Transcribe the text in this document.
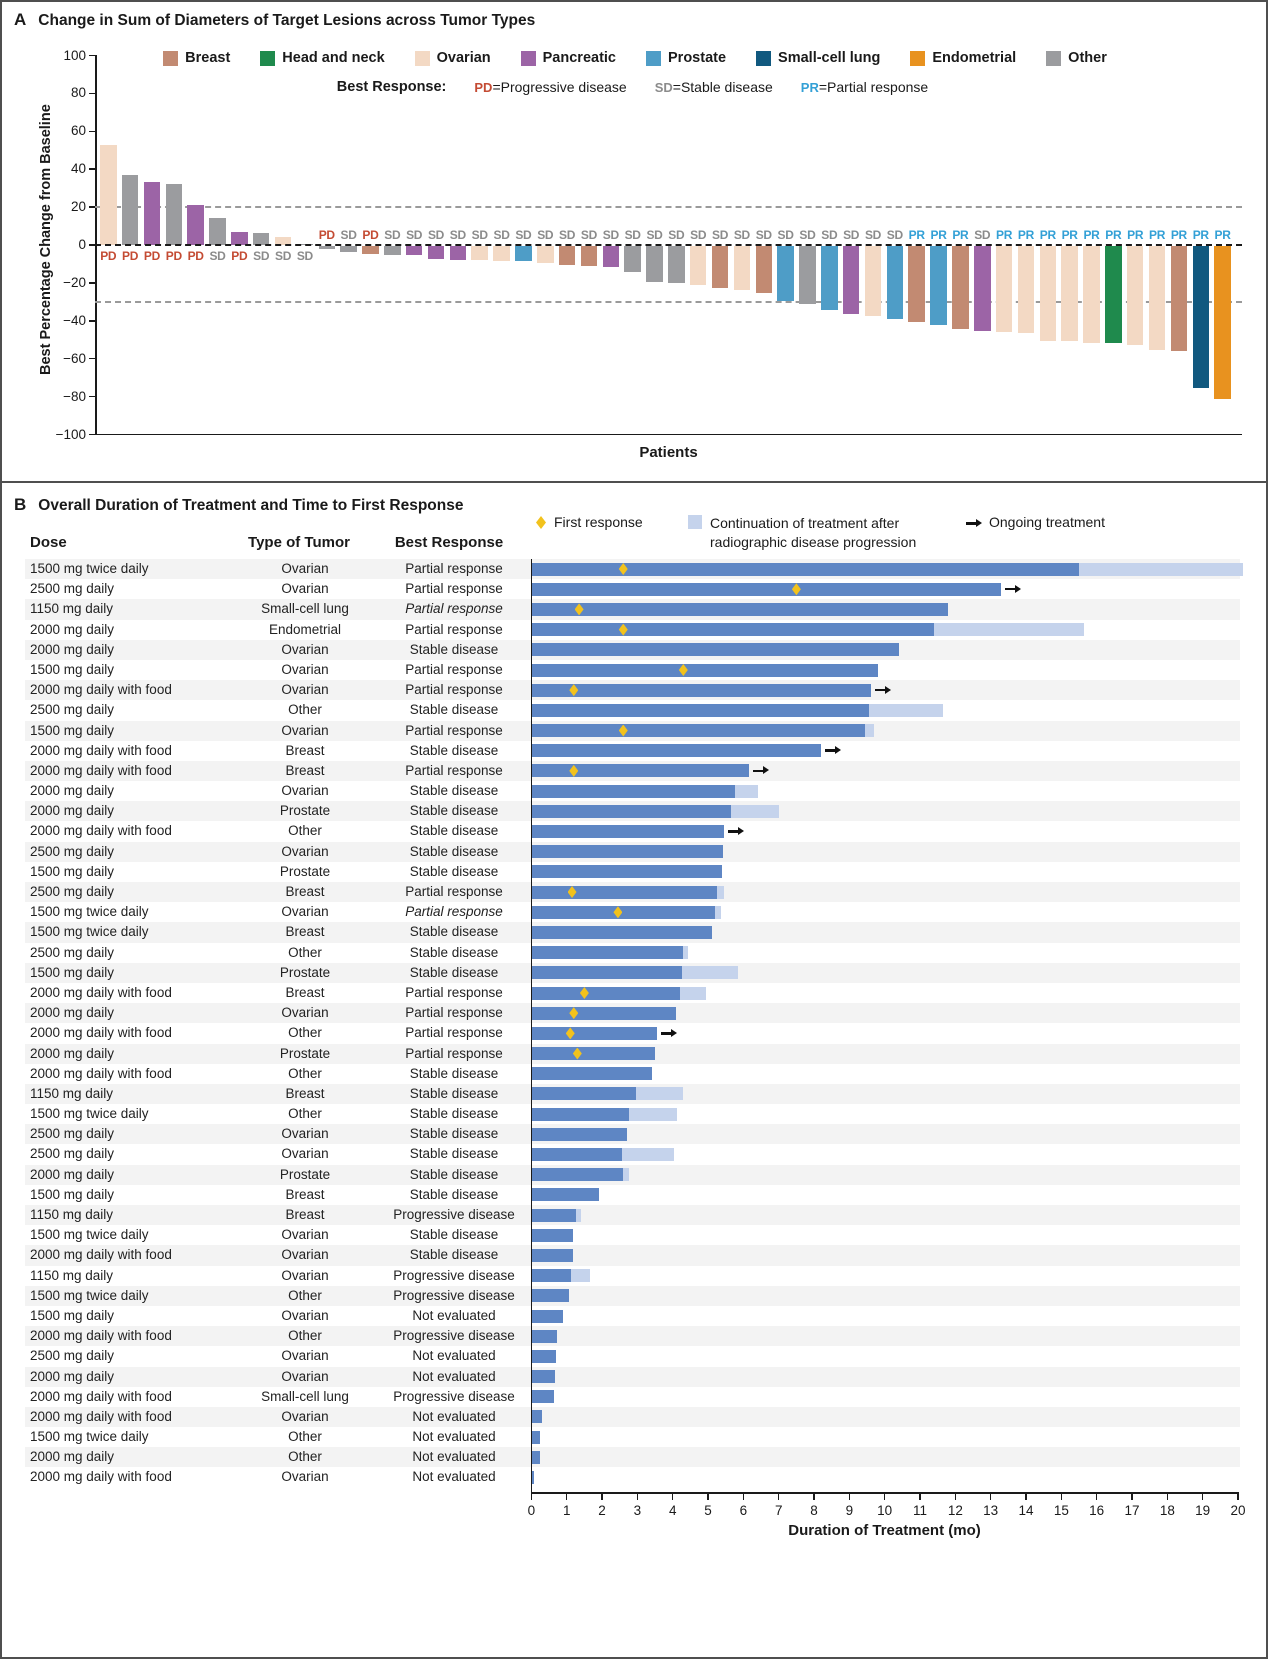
A Change in Sum of Diameters of Target Lesions across Tumor Types
Breast	Head and neck	Ovarian	Pancreatic	Prostate	Small-cell lung	Endometrial	Other
Best Response: PD=Progressive disease SD=Stable disease PR=Partial response
Best Percentage Change from Baseline
100
80
60
40
20
0
−20
−40
−60
−80
−100
PD PD PD PD PD SD PD SD SD SD
PD SD PD SD SD SD SD SD SD SD SD SD SD SD SD SD SD SD SD SD SD SD SD SD SD SD SD PR PR PR SD PR PR PR PR PR PR PR PR PR PR PR
Patients
B Overall Duration of Treatment and Time to First Response
First response	Continuation of treatment after
radiographic disease progression
Ongoing treatment
Dose	Type of Tumor	Best Response
1500 mg twice daily	Ovarian	Partial response
2500 mg daily	Ovarian	Partial response
1150 mg daily	Small-cell lung	Partial response
2000 mg daily	Endometrial	Partial response
2000 mg daily	Ovarian	Stable disease
1500 mg daily	Ovarian	Partial response
2000 mg daily with food	Ovarian	Partial response
2500 mg daily	Other	Stable disease
1500 mg daily	Ovarian	Partial response
2000 mg daily with food	Breast	Stable disease
2000 mg daily with food	Breast	Partial response
2000 mg daily	Ovarian	Stable disease
2000 mg daily	Prostate	Stable disease
2000 mg daily with food	Other	Stable disease
2500 mg daily	Ovarian	Stable disease
1500 mg daily	Prostate	Stable disease
2500 mg daily	Breast	Partial response
1500 mg twice daily	Ovarian	Partial response
1500 mg twice daily	Breast	Stable disease
2500 mg daily	Other	Stable disease
1500 mg daily	Prostate	Stable disease
2000 mg daily with food	Breast	Partial response
2000 mg daily	Ovarian	Partial response
2000 mg daily with food	Other	Partial response
2000 mg daily	Prostate	Partial response
2000 mg daily with food	Other	Stable disease
1150 mg daily	Breast	Stable disease
1500 mg twice daily	Other	Stable disease
2500 mg daily	Ovarian	Stable disease
2500 mg daily	Ovarian	Stable disease
2000 mg daily	Prostate	Stable disease
1500 mg daily	Breast	Stable disease
1150 mg daily	Breast	Progressive disease
1500 mg twice daily	Ovarian	Stable disease
2000 mg daily with food	Ovarian	Stable disease
1150 mg daily	Ovarian	Progressive disease
1500 mg twice daily	Other	Progressive disease
1500 mg daily	Ovarian	Not evaluated
2000 mg daily with food	Other	Progressive disease
2500 mg daily	Ovarian	Not evaluated
2000 mg daily	Ovarian	Not evaluated
2000 mg daily with food	Small-cell lung	Progressive disease
2000 mg daily with food	Ovarian	Not evaluated
1500 mg twice daily	Other	Not evaluated
2000 mg daily	Other	Not evaluated
2000 mg daily with food	Ovarian	Not evaluated
0	1	2	3	4	5	6	7	8	9	10	11	12	13	14	15	16	17	18	19	20
Duration of Treatment (mo)
